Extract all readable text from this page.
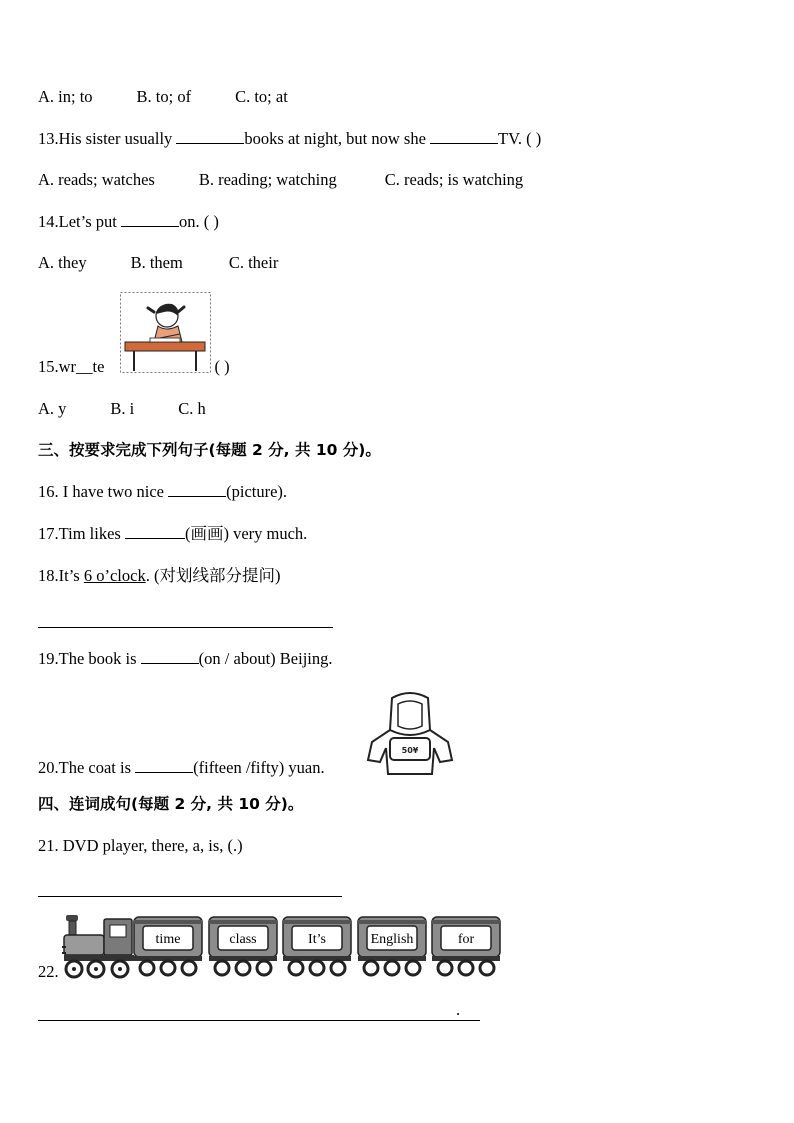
A. in; to	B. to; of	C. to; at
13.His sister usually	books at night, but now she	TV. ( )
A. reads; watches	B. reading; watching	C. reads; is watching
14.Let’s put	on. ( )
A. they	B. them	C. their
15.wr__te	( )
A. y	B. i	C. h
三、按要求完成下列句子(每题 2 分, 共 10 分)。
16. I have two nice	(picture).
17.Tim likes	(画画) very much.
18.It’s 6 o’clock. (对划线部分提问)
19.The book is	(on / about) Beijing.
50¥
20.The coat is	(fifteen /fifty) yuan.
四、连词成句(每题 2 分, 共 10 分)。
21. DVD player, there, a, is, (.)
time	class	It’s	English	for
22.
.
